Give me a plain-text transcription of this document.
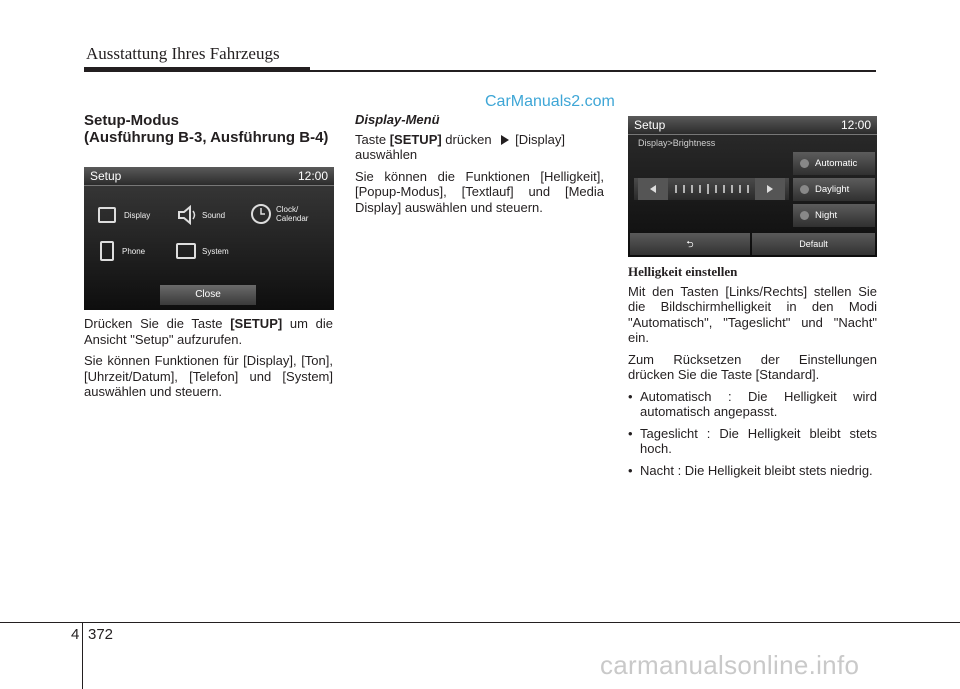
Ausstattung Ihres Fahrzeugs
CarManuals2.com
Setup-Modus
(Ausführung B-3, Ausführung B-4)
Setup	12:00
Display	Sound
Clock/
Calendar
Phone	System
Close

Drücken Sie die Taste [SETUP] um die Ansicht "Setup" aufzurufen.

Sie können Funktionen für [Display], [Ton], [Uhrzeit/Datum], [Telefon] und [System] auswählen und steuern.

Display-Menü

Taste [SETUP] drücken [Display] auswählen

Sie können die Funktionen [Helligkeit], [Popup-Modus], [Textlauf] und [Media Display] auswählen und steuern.

Setup	12:00
Display>Brightness
Automatic
Daylight
Night
⮌	Default
Helligkeit einstellen

Mit den Tasten [Links/Rechts] stellen Sie die Bildschirmhelligkeit in den Modi "Automatisch", "Tageslicht" und "Nacht" ein.

Zum Rücksetzen der Einstellungen drücken Sie die Taste [Standard].

• Automatisch : Die Helligkeit wird automatisch angepasst.
• Tageslicht : Die Helligkeit bleibt stets hoch.
• Nacht : Die Helligkeit bleibt stets niedrig.
4 372
carmanualsonline.info
